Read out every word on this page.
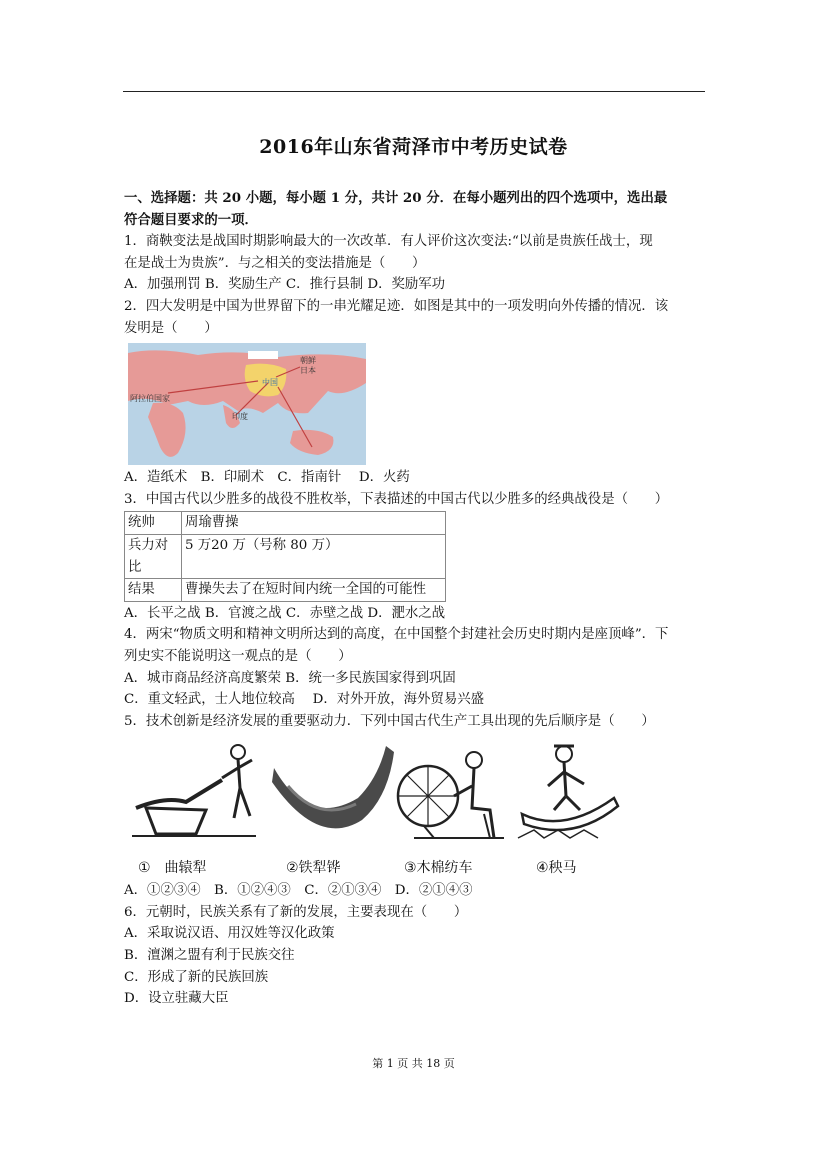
2016年山东省菏泽市中考历史试卷

一、选择题：共 20 小题，每小题 1 分，共计 20 分．在每小题列出的四个选项中，选出最

符合题目要求的一项．

1．商鞅变法是战国时期影响最大的一次改革．有人评价这次变法:“以前是贵族任战士，现

在是战士为贵族”．与之相关的变法措施是（　　）

A．加强刑罚 B．奖励生产 C．推行县制 D．奖励军功

2．四大发明是中国为世界留下的一串光耀足迹．如图是其中的一项发明向外传播的情况．该

发明是（　　）

朝鲜
日本
中国
阿拉伯国家
印度

A．造纸术　B．印刷术　C．指南针　 D．火药

3．中国古代以少胜多的战役不胜枚举，下表描述的中国古代以少胜多的经典战役是（　　）

统帅	周瑜曹操
兵力对比	5 万20 万（号称 80 万）
结果	曹操失去了在短时间内统一全国的可能性

A．长平之战 B．官渡之战 C．赤壁之战 D．淝水之战

4．两宋“物质文明和精神文明所达到的高度，在中国整个封建社会历史时期内是座顶峰”．下

列史实不能说明这一观点的是（　　）

A．城市商品经济高度繁荣 B．统一多民族国家得到巩固

C．重文轻武，士人地位较高　 D．对外开放，海外贸易兴盛

5．技术创新是经济发展的重要驱动力．下列中国古代生产工具出现的先后顺序是（　　）

①　曲辕犁	②铁犁铧	③木棉纺车	④秧马

A．①②③④　B．①②④③　C．②①③④　D．②①④③

6．元朝时，民族关系有了新的发展，主要表现在（　　）

A．采取说汉语、用汉姓等汉化政策

B．澶渊之盟有利于民族交往

C．形成了新的民族回族

D．设立驻藏大臣

第 1 页 共 18 页
